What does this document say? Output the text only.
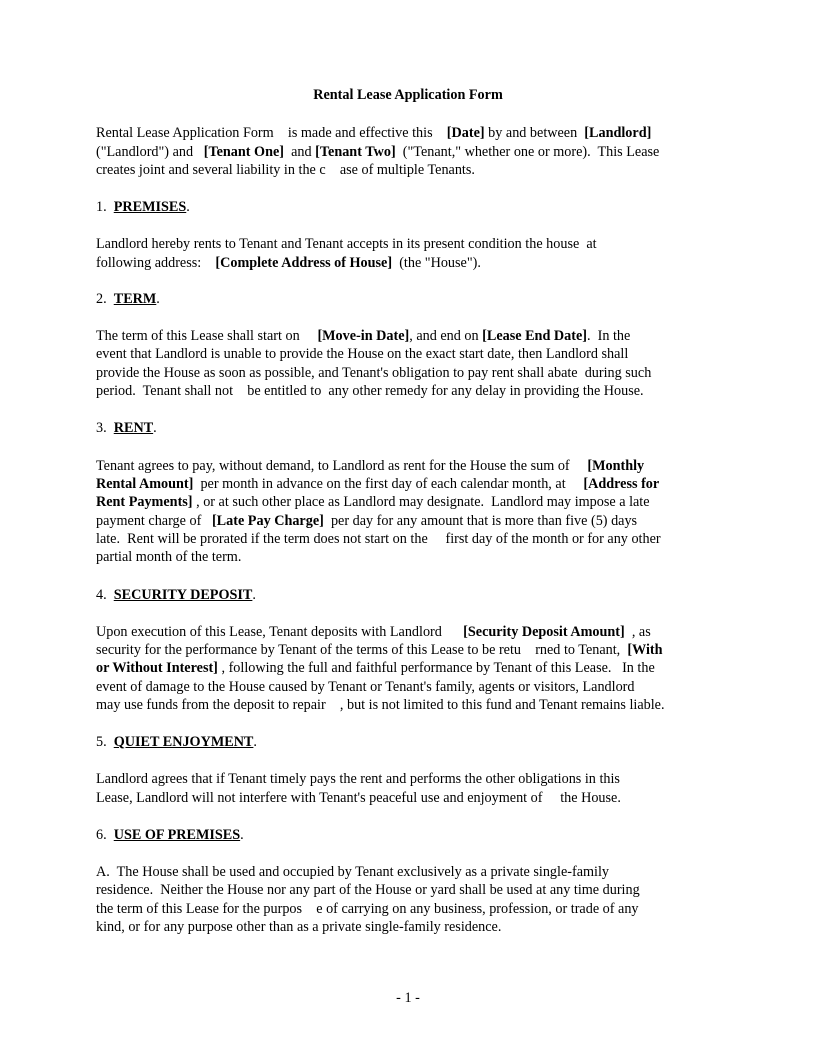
Rental Lease Application Form
Rental Lease Application Form    is made and effective this    [Date] by and between  [Landlord]
("Landlord") and   [Tenant One]  and [Tenant Two]  ("Tenant," whether one or more).  This Lease
creates joint and several liability in the c    ase of multiple Tenants.
1.  PREMISES.
Landlord hereby rents to Tenant and Tenant accepts in its present condition the house  at
following address:    [Complete Address of House]  (the "House").
2.  TERM.
The term of this Lease shall start on     [Move-in Date], and end on [Lease End Date].  In the
event that Landlord is unable to provide the House on the exact start date, then Landlord shall
provide the House as soon as possible, and Tenant's obligation to pay rent shall abate  during such
period.  Tenant shall not    be entitled to  any other remedy for any delay in providing the House.
3.  RENT.
Tenant agrees to pay, without demand, to Landlord as rent for the House the sum of     [Monthly
Rental Amount]  per month in advance on the first day of each calendar month, at     [Address for
Rent Payments] , or at such other place as Landlord may designate.  Landlord may impose a late
payment charge of   [Late Pay Charge]  per day for any amount that is more than five (5) days
late.  Rent will be prorated if the term does not start on the     first day of the month or for any other
partial month of the term.
4.  SECURITY DEPOSIT.
Upon execution of this Lease, Tenant deposits with Landlord      [Security Deposit Amount]  , as
security for the performance by Tenant of the terms of this Lease to be retu    rned to Tenant,  [With
or Without Interest] , following the full and faithful performance by Tenant of this Lease.   In the
event of damage to the House caused by Tenant or Tenant's family, agents or visitors, Landlord
may use funds from the deposit to repair    , but is not limited to this fund and Tenant remains liable.
5.  QUIET ENJOYMENT.
Landlord agrees that if Tenant timely pays the rent and performs the other obligations in this
Lease, Landlord will not interfere with Tenant's peaceful use and enjoyment of     the House.
6.  USE OF PREMISES.
A.  The House shall be used and occupied by Tenant exclusively as a private single-family
residence.  Neither the House nor any part of the House or yard shall be used at any time during
the term of this Lease for the purpos    e of carrying on any business, profession, or trade of any
kind, or for any purpose other than as a private single-family residence.
- 1 -
